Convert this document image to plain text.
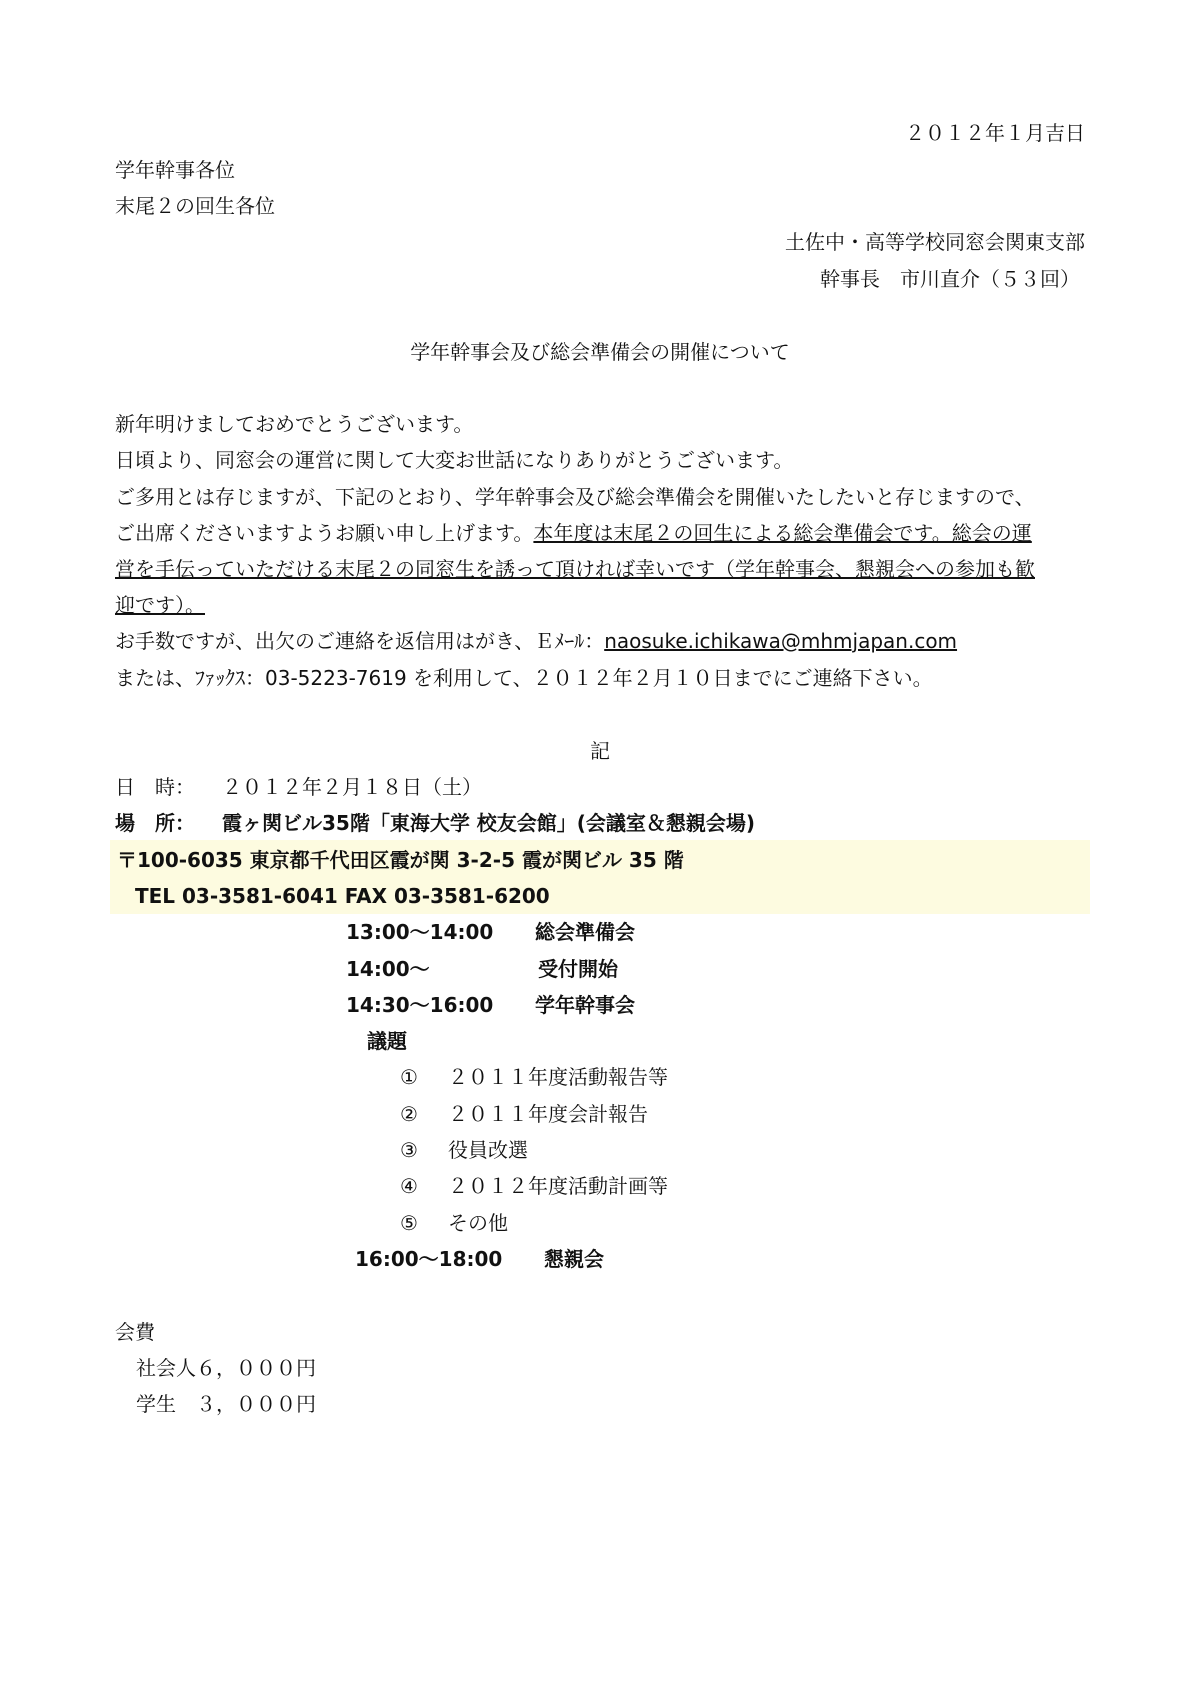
２０１２年１月吉日
学年幹事各位
末尾２の回生各位
土佐中・高等学校同窓会関東支部
幹事長　市川直介（５３回）
学年幹事会及び総会準備会の開催について
新年明けましておめでとうございます。
日頃より、同窓会の運営に関して大変お世話になりありがとうございます。
ご多用とは存じますが、下記のとおり、学年幹事会及び総会準備会を開催いたしたいと存じますので、
ご出席くださいますようお願い申し上げます。本年度は末尾２の回生による総会準備会です。総会の運
営を手伝っていただける末尾２の同窓生を誘って頂ければ幸いです（学年幹事会、懇親会への参加も歓
迎です）。
お手数ですが、出欠のご連絡を返信用はがき、Ｅﾒｰﾙ：naosuke.ichikawa@mhmjapan.com
または、ﾌｧｯｸｽ：03-5223-7619 を利用して、２０１２年２月１０日までにご連絡下さい。
記
日　時： ２０１２年２月１８日（土）
場　所： 霞ヶ関ビル35階「東海大学 校友会館」(会議室＆懇親会場)
〒100-6035 東京都千代田区霞が関 3-2-5 霞が関ビル 35 階
TEL 03-3581-6041 FAX 03-3581-6200
13:00～14:00 総会準備会
14:00～	受付開始
14:30～16:00 学年幹事会
議題
① ２０１１年度活動報告等
② ２０１１年度会計報告
③ 役員改選
④ ２０１２年度活動計画等
⑤ その他
16:00～18:00 懇親会
会費
社会人６，０００円
学生　３，０００円
